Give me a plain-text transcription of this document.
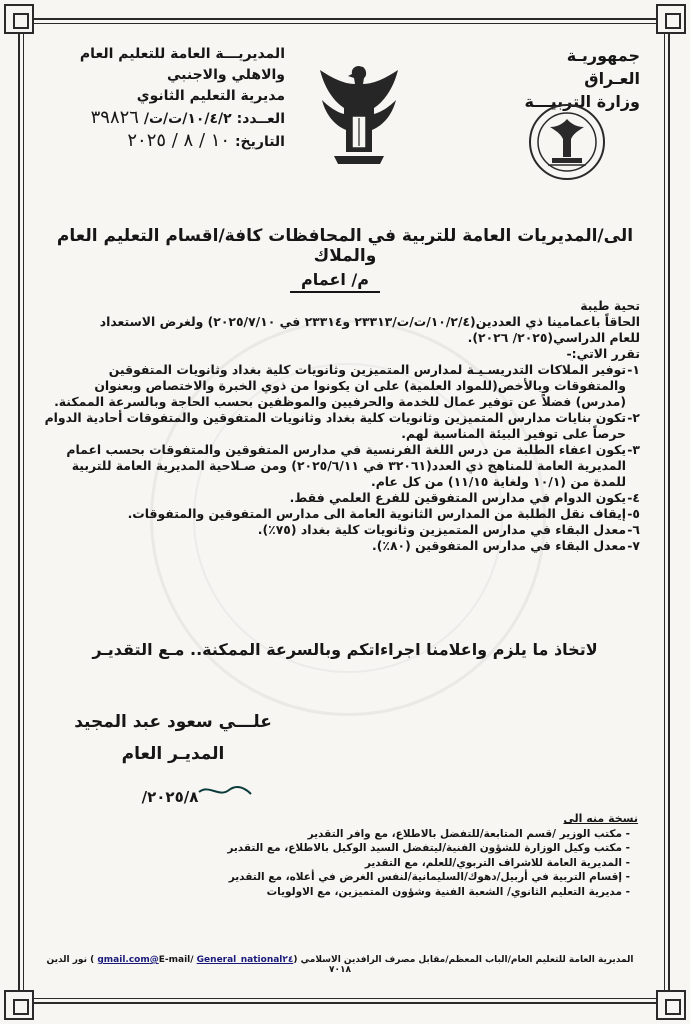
جمهوريـة العـراق
وزارة التربيـــة
المديريـــة العامة للتعليم العام
والاهلي والاجنبي
مديرية التعليم الثانوي
العــدد: ١٠/٤/٢/ت/ت/ ٣٩٨٢٦
التاريخ: ١٠ / ٨ / ٢٠٢٥
الى/المديريات العامة للتربية في المحافظات كافة/اقسام التعليم العام والملاك
م/ اعمام

تحية طيبة

الحاقاً باعمامينا ذي العددين(١٠/٢/٤/ت/ت/٢٣٣١٣ و٢٣٣١٤ في ٢٠٢٥/٧/١٠) ولغرض الاستعداد

للعام الدراسي(٢٠٢٥/ ٢٠٢٦).

تقرر الاتي:-

١-
توفير الملاكات التدريسـيـة لمدارس المتميزين وثانويات كلية بغداد وثانويات المتفوقين والمتفوقات وبالأخص(للمواد العلمية) على ان يكونوا من ذوي الخبرة والاختصاص وبعنوان (مدرس) فضلاً عن توفير عمال للخدمة والحرفيين والموظفين بحسب الحاجة وبالسرعة الممكنة.
٢-
تكون بنايات مدارس المتميزين وثانويات كلية بغداد وثانويات المتفوقين والمتفوقات أحادية الدوام حرصاً على توفير البيئة المناسبة لهم.
٣-
يكون اعفاء الطلبة من درس اللغة الفرنسية في مدارس المتفوقين والمتفوقات بحسب اعمام المديرية العامة للمناهج ذي العدد(٣٢٠٦١ في ٢٠٢٥/٦/١١) ومن صـلاحية المديرية العامة للتربية للمدة من (١٠/١ ولغاية ١١/١٥) من كل عام.
٤-
يكون الدوام في مدارس المتفوقين للفرع العلمي فقط.
٥-
إيقاف نقل الطلبة من المدارس الثانوية العامة الى مدارس المتفوقين والمتفوقات.
٦-
معدل البقاء في مدارس المتميزين وثانويات كلية بغداد (٧٥٪).
٧-
معدل البقاء في مدارس المتفوقين (٨٠٪).
لاتخاذ ما يلزم واعلامنا اجراءاتكم وبالسرعة الممكنة.. مـع التقديـر
علـــي سعود عبد المجيد
المديـر العام
٢٠٢٥/٨/
نسخة منه الى
- مكتب الوزير /قسم المتابعة/للتفضل بالاطلاع، مع وافر التقدير
- مكتب وكيل الوزارة للشؤون الفنية/ليتفضل السيد الوكيل بالاطلاع، مع التقدير
- المديرية العامة للاشراف التربوي/للعلم، مع التقدير
- إقسام التربية في أربيل/دهوك/السليمانية/لنفس الغرض في أعلاه، مع التقدير
- مديرية التعليم الثانوي/ الشعبة الفنية وشؤون المتميزين، مع الاولويات
المديرية العامة للتعليم العام/الباب المعظم/مقابل مصرف الرافدين الاسلامي (E-mail/ General_national٢٤@gmail.com ) نور الدين ٧٠١٨
